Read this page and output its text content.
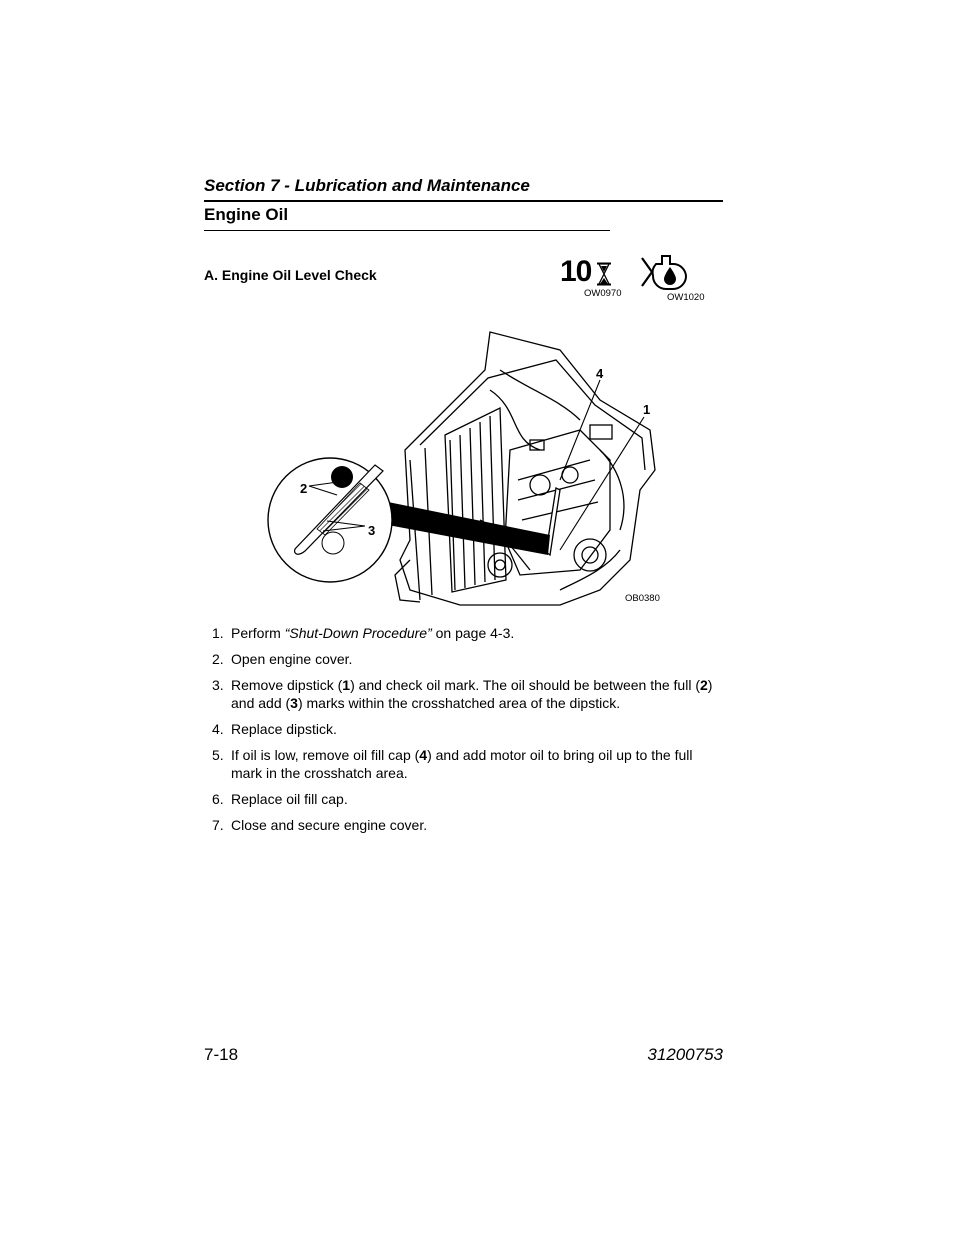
Section 7 - Lubrication and Maintenance
Engine Oil
A. Engine Oil Level Check	10
OW0970	OW1020
4
1
2
3
OB0380
1. Perform “Shut-Down Procedure” on page 4-3.
2. Open engine cover.
3. Remove dipstick (1) and check oil mark. The oil should be between the full (2) and add (3) marks within the crosshatched area of the dipstick.
4. Replace dipstick.
5. If oil is low, remove oil fill cap (4) and add motor oil to bring oil up to the full mark in the crosshatch area.
6. Replace oil fill cap.
7. Close and secure engine cover.
7-18	31200753
